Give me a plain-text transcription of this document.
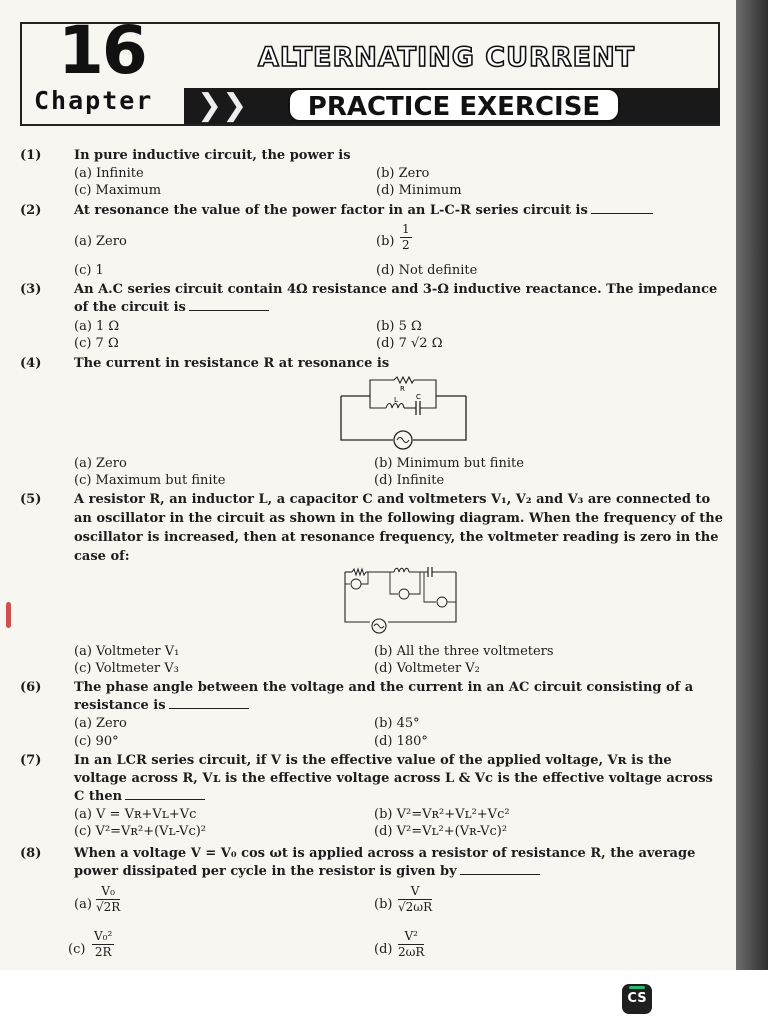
16
Chapter
ALTERNATING CURRENT
❯❯	PRACTICE EXERCISE
(1)	In pure inductive circuit, the power is
(a) Infinite	(b) Zero
(c) Maximum	(d) Minimum
(2)	At resonance the value of the power factor in an L-C-R series circuit is
(a) Zero	$(b) \frac{1}{2}$
(c) 1	(d) Not definite
(3)	An A.C series circuit contain 4Ω resistance and 3-Ω inductive reactance. The impedance
of the circuit is
(a) 1 Ω	(b) 5 Ω
(c) 7 Ω	(d) 7 √2 Ω
(4)	The current in resistance R at resonance is
R
L	C
(a) Zero	(b) Minimum but finite
(c) Maximum but finite	(d) Infinite
(5)	A resistor R, an inductor L, a capacitor C and voltmeters V₁, V₂ and V₃ are connected to
an oscillator in the circuit as shown in the following diagram. When the frequency of the
oscillator is increased, then at resonance frequency, the voltmeter reading is zero in the
case of:
(a) Voltmeter V₁	(b) All the three voltmeters
(c) Voltmeter V₃	(d) Voltmeter V₂
(6)	The phase angle between the voltage and the current in an AC circuit consisting of a
resistance is
(a) Zero	(b) 45°
(c) 90°	(d) 180°
(7)	In an LCR series circuit, if V is the effective value of the applied voltage, Vʀ is the
voltage across R, Vʟ is the effective voltage across L & Vc is the effective voltage across
C then
(a) V = Vʀ+Vʟ+Vc	(b) V²=Vʀ²+Vʟ²+Vc²
(c) V²=Vʀ²+(Vʟ-Vc)²	(d) V²=Vʟ²+(Vʀ-Vc)²
(8)	When a voltage V = V₀ cos ωt is applied across a resistor of resistance R, the average
power dissipated per cycle in the resistor is given by
$(a) \frac{\text{V₀}}{√2R}$	$(b) \frac{V}{√2\omega R}$
$(c) \frac{\text{V₀²}}{2R}$	$(d) \frac{\text{V²}}{2\omega R}$
CS
